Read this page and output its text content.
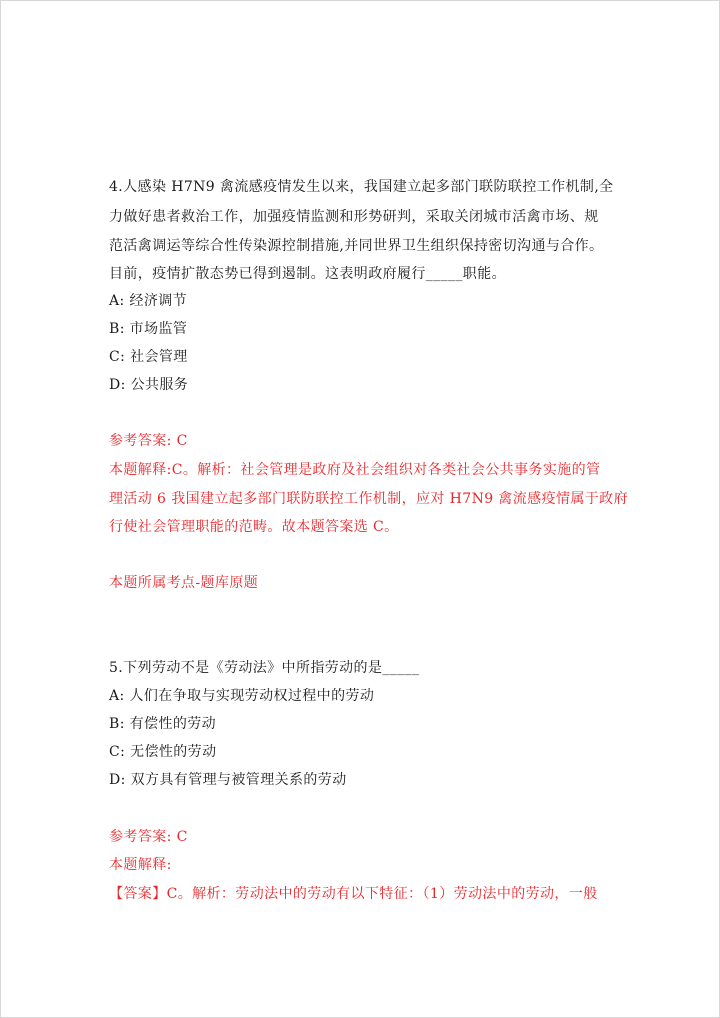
4.人感染 H7N9 禽流感疫情发生以来，我国建立起多部门联防联控工作机制,全
力做好患者救治工作，加强疫情监测和形势研判，采取关闭城市活禽市场、规
范活禽调运等综合性传染源控制措施,并同世界卫生组织保持密切沟通与合作。
目前，疫情扩散态势已得到遏制。这表明政府履行_____职能。
A: 经济调节
B: 市场监管
C: 社会管理
D: 公共服务
参考答案: C
本题解释:C。解析：社会管理是政府及社会组织对各类社会公共事务实施的管
理活动 6 我国建立起多部门联防联控工作机制，应对 H7N9 禽流感疫情属于政府
行使社会管理职能的范畴。故本题答案选 C。
本题所属考点-题库原题
5.下列劳动不是《劳动法》中所指劳动的是_____
A: 人们在争取与实现劳动权过程中的劳动
B: 有偿性的劳动
C: 无偿性的劳动
D: 双方具有管理与被管理关系的劳动
参考答案: C
本题解释:
【答案】C。解析：劳动法中的劳动有以下特征：（1）劳动法中的劳动，一般
